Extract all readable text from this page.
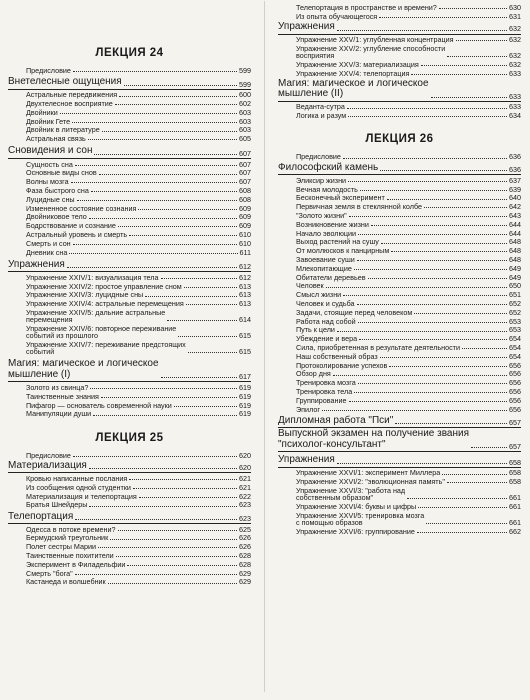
ЛЕКЦИЯ 24
Предисловие	599
Внетелесные ощущения	599
Астральные передвижения	600
Двухтелесное восприятие	602
Двойники	603
Двойник Гете	603
Двойник в литературе	603
Астральная связь	605
Сновидения и сон	607
Сущность сна	607
Основные виды снов	607
Волны мозга	607
Фаза быстрого сна	608
Луцидные сны	608
Измененное состояние сознания	609
Двойниковое тело	609
Бодрствование и сознание	609
Астральный уровень и смерть	610
Смерть и сон	610
Дневник сна	611
Упражнения	612
Упражнение XXIV/1: визуализация тела	612
Упражнение XXIV/2: простое управление сном	613
Упражнение XXIV/3: луцидные сны	613
Упражнение XXIV/4: астральные перемещения	613
Упражнение XXIV/5: дальние астральные
перемещения	614
Упражнение XXIV/6: повторное переживание
событий из прошлого	615
Упражнение XXIV/7: переживание предстоящих
событий	615
Магия: магическое и логическое
мышление (I)	617
Золото из свинца?	619
Таинственные знания	619
Пифагор — основатель современной науки	619
Манипуляции души	619
ЛЕКЦИЯ 25
Предисловие	620
Материализация	620
Кровью написанные послания	621
Из сообщения одной студентки	621
Материализация и телепортация	622
Братья Шнейдеры	623
Телепортация	623
Одесса в потоке времени?	625
Бермудский треугольник	626
Полет сестры Марии	626
Таинственные похитители	628
Эксперимент в Филадельфии	628
Смерть "бога"	629
Кастанеда и волшебник	629
Телепортация в пространстве и времени?	630
Из опыта обучающегося	631
Упражнения	632
Упражнение XXV/1: углубленная концентрация	632
Упражнение XXV/2: углубление способности
восприятия	632
Упражнение XXV/3: материализация	632
Упражнение XXV/4: телепортация	633
Магия: магическое и логическое
мышление (II)	633
Веданта-сутра	633
Логика и разум	634
ЛЕКЦИЯ 26
Предисловие	636
Философский камень	636
Эликсир жизни	637
Вечная молодость	639
Бесконечный эксперимент	640
Первичная земля в стеклянной колбе	642
"Золото жизни"	643
Возникновение жизни	644
Начало эволюции	644
Выход растений на сушу	648
От моллюсков к панцирным	648
Завоевание суши	648
Млекопитающие	649
Обитатели деревьев	649
Человек	650
Смысл жизни	651
Человек и судьба	652
Задачи, стоящие перед человеком	652
Работа над собой	653
Путь к цели	653
Убеждение и вера	654
Сила, приобретенная в результате деятельности	654
Наш собственный образ	654
Протоколирование успехов	656
Обзор дня	656
Тренировка мозга	656
Тренировка тела	656
Группирование	656
Эпилог	656
Дипломная работа "Пси"	657
Выпускной экзамен на получение звания
"психолог-консультант"	657
Упражнения	658
Упражнение XXVI/1: эксперимент Миллера	658
Упражнение XXVI/2: "эволюционная память"	658
Упражнение XXVI/3: "работа над
собственным образом"	661
Упражнение XXVI/4: буквы и цифры	661
Упражнение XXVI/5: тренировка мозга
с помощью образов	661
Упражнение XXVI/6: группирование	662
